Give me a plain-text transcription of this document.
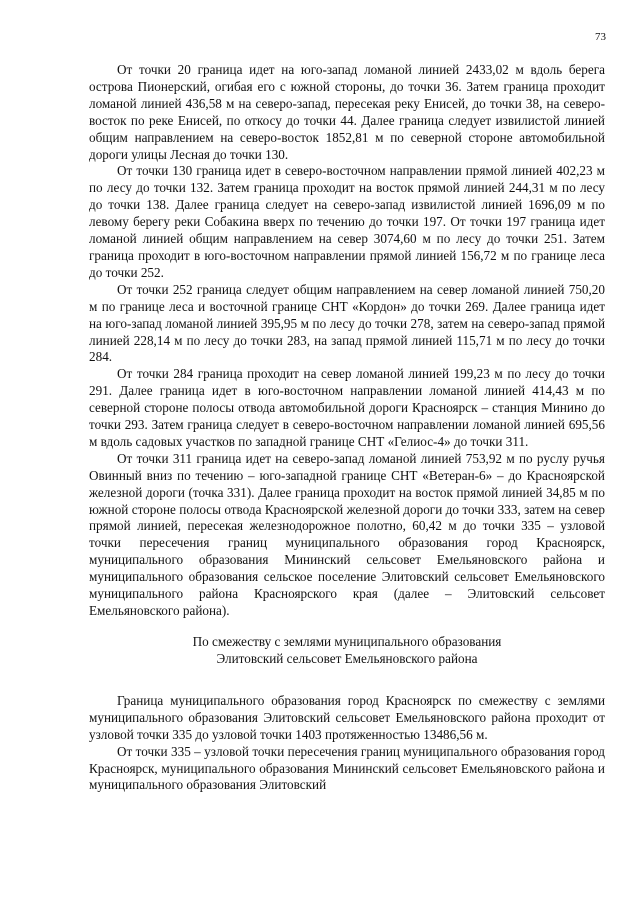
73

От точки 20 граница идет на юго-запад ломаной линией 2433,02 м вдоль берега острова Пионерский, огибая его с южной стороны, до точки 36. Затем граница проходит ломаной линией 436,58 м на северо-запад, пересекая реку Енисей, до точки 38, на северо-восток по реке Енисей, по откосу до точки 44. Далее граница следует извилистой линией общим направлением на северо-восток 1852,81 м по северной стороне автомобильной дороги улицы Лесная до точки 130.

От точки 130 граница идет в северо-восточном направлении прямой линией 402,23 м по лесу до точки 132. Затем граница проходит на восток прямой линией 244,31 м по лесу до точки 138. Далее граница следует на северо-запад извилистой линией 1696,09 м по левому берегу реки Собакина вверх по течению до точки 197. От точки 197 граница идет ломаной линией общим направлением на север 3074,60 м по лесу до точки 251. Затем граница проходит в юго-восточном направлении прямой линией 156,72 м по границе леса до точки 252.

От точки 252 граница следует общим направлением на север ломаной линией 750,20 м по границе леса и восточной границе СНТ «Кордон» до точки 269. Далее граница идет на юго-запад ломаной линией 395,95 м по лесу до точки 278, затем на северо-запад прямой линией 228,14 м по лесу до точки 283, на запад прямой линией 115,71 м по лесу до точки 284.

От точки 284 граница проходит на север ломаной линией 199,23 м по лесу до точки 291. Далее граница идет в юго-восточном направлении ломаной линией 414,43 м по северной стороне полосы отвода автомобильной дороги Красноярск – станция Минино до точки 293. Затем граница следует в северо-восточном направлении ломаной линией 695,56 м вдоль садовых участков по западной границе СНТ «Гелиос-4» до точки 311.

От точки 311 граница идет на северо-запад ломаной линией 753,92 м по руслу ручья Овинный вниз по течению – юго-западной границе СНТ «Ветеран-6» – до Красноярской железной дороги (точка 331). Далее граница проходит на восток прямой линией 34,85 м по южной стороне полосы отвода Красноярской железной дороги до точки 333, затем на север прямой линией, пересекая железнодорожное полотно, 60,42 м до точки 335 – узловой точки пересечения границ муниципального образования город Красноярск, муниципального образования Мининский сельсовет Емельяновского района и муниципального образования сельское поселение Элитовский сельсовет Емельяновского муниципального района Красноярского края (далее – Элитовский сельсовет Емельяновского района).

По смежеству с землями муниципального образования
Элитовский сельсовет Емельяновского района

Граница муниципального образования город Красноярск по смежеству с землями муниципального образования Элитовский сельсовет Емельяновского района проходит от узловой точки 335 до узловой точки 1403 протяженностью 13486,56 м.

От точки 335 – узловой точки пересечения границ муниципального образования город Красноярск, муниципального образования Мининский сельсовет Емельяновского района и муниципального образования Элитовский
